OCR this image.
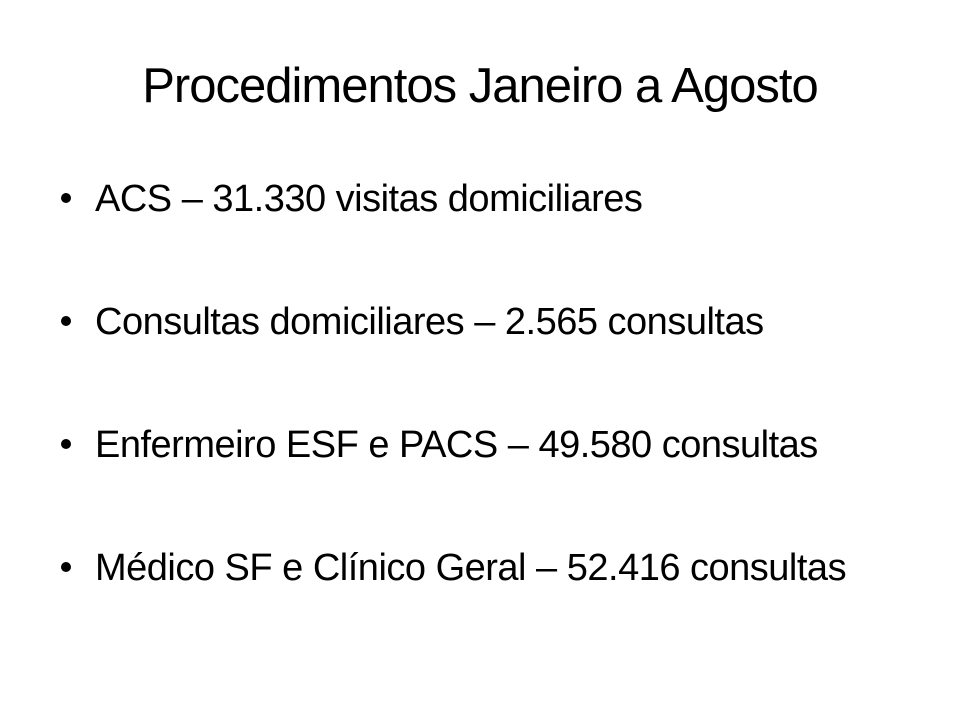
Procedimentos Janeiro a Agosto
ACS – 31.330 visitas domiciliares
Consultas domiciliares – 2.565 consultas
Enfermeiro ESF e PACS – 49.580 consultas
Médico SF e Clínico Geral – 52.416 consultas
